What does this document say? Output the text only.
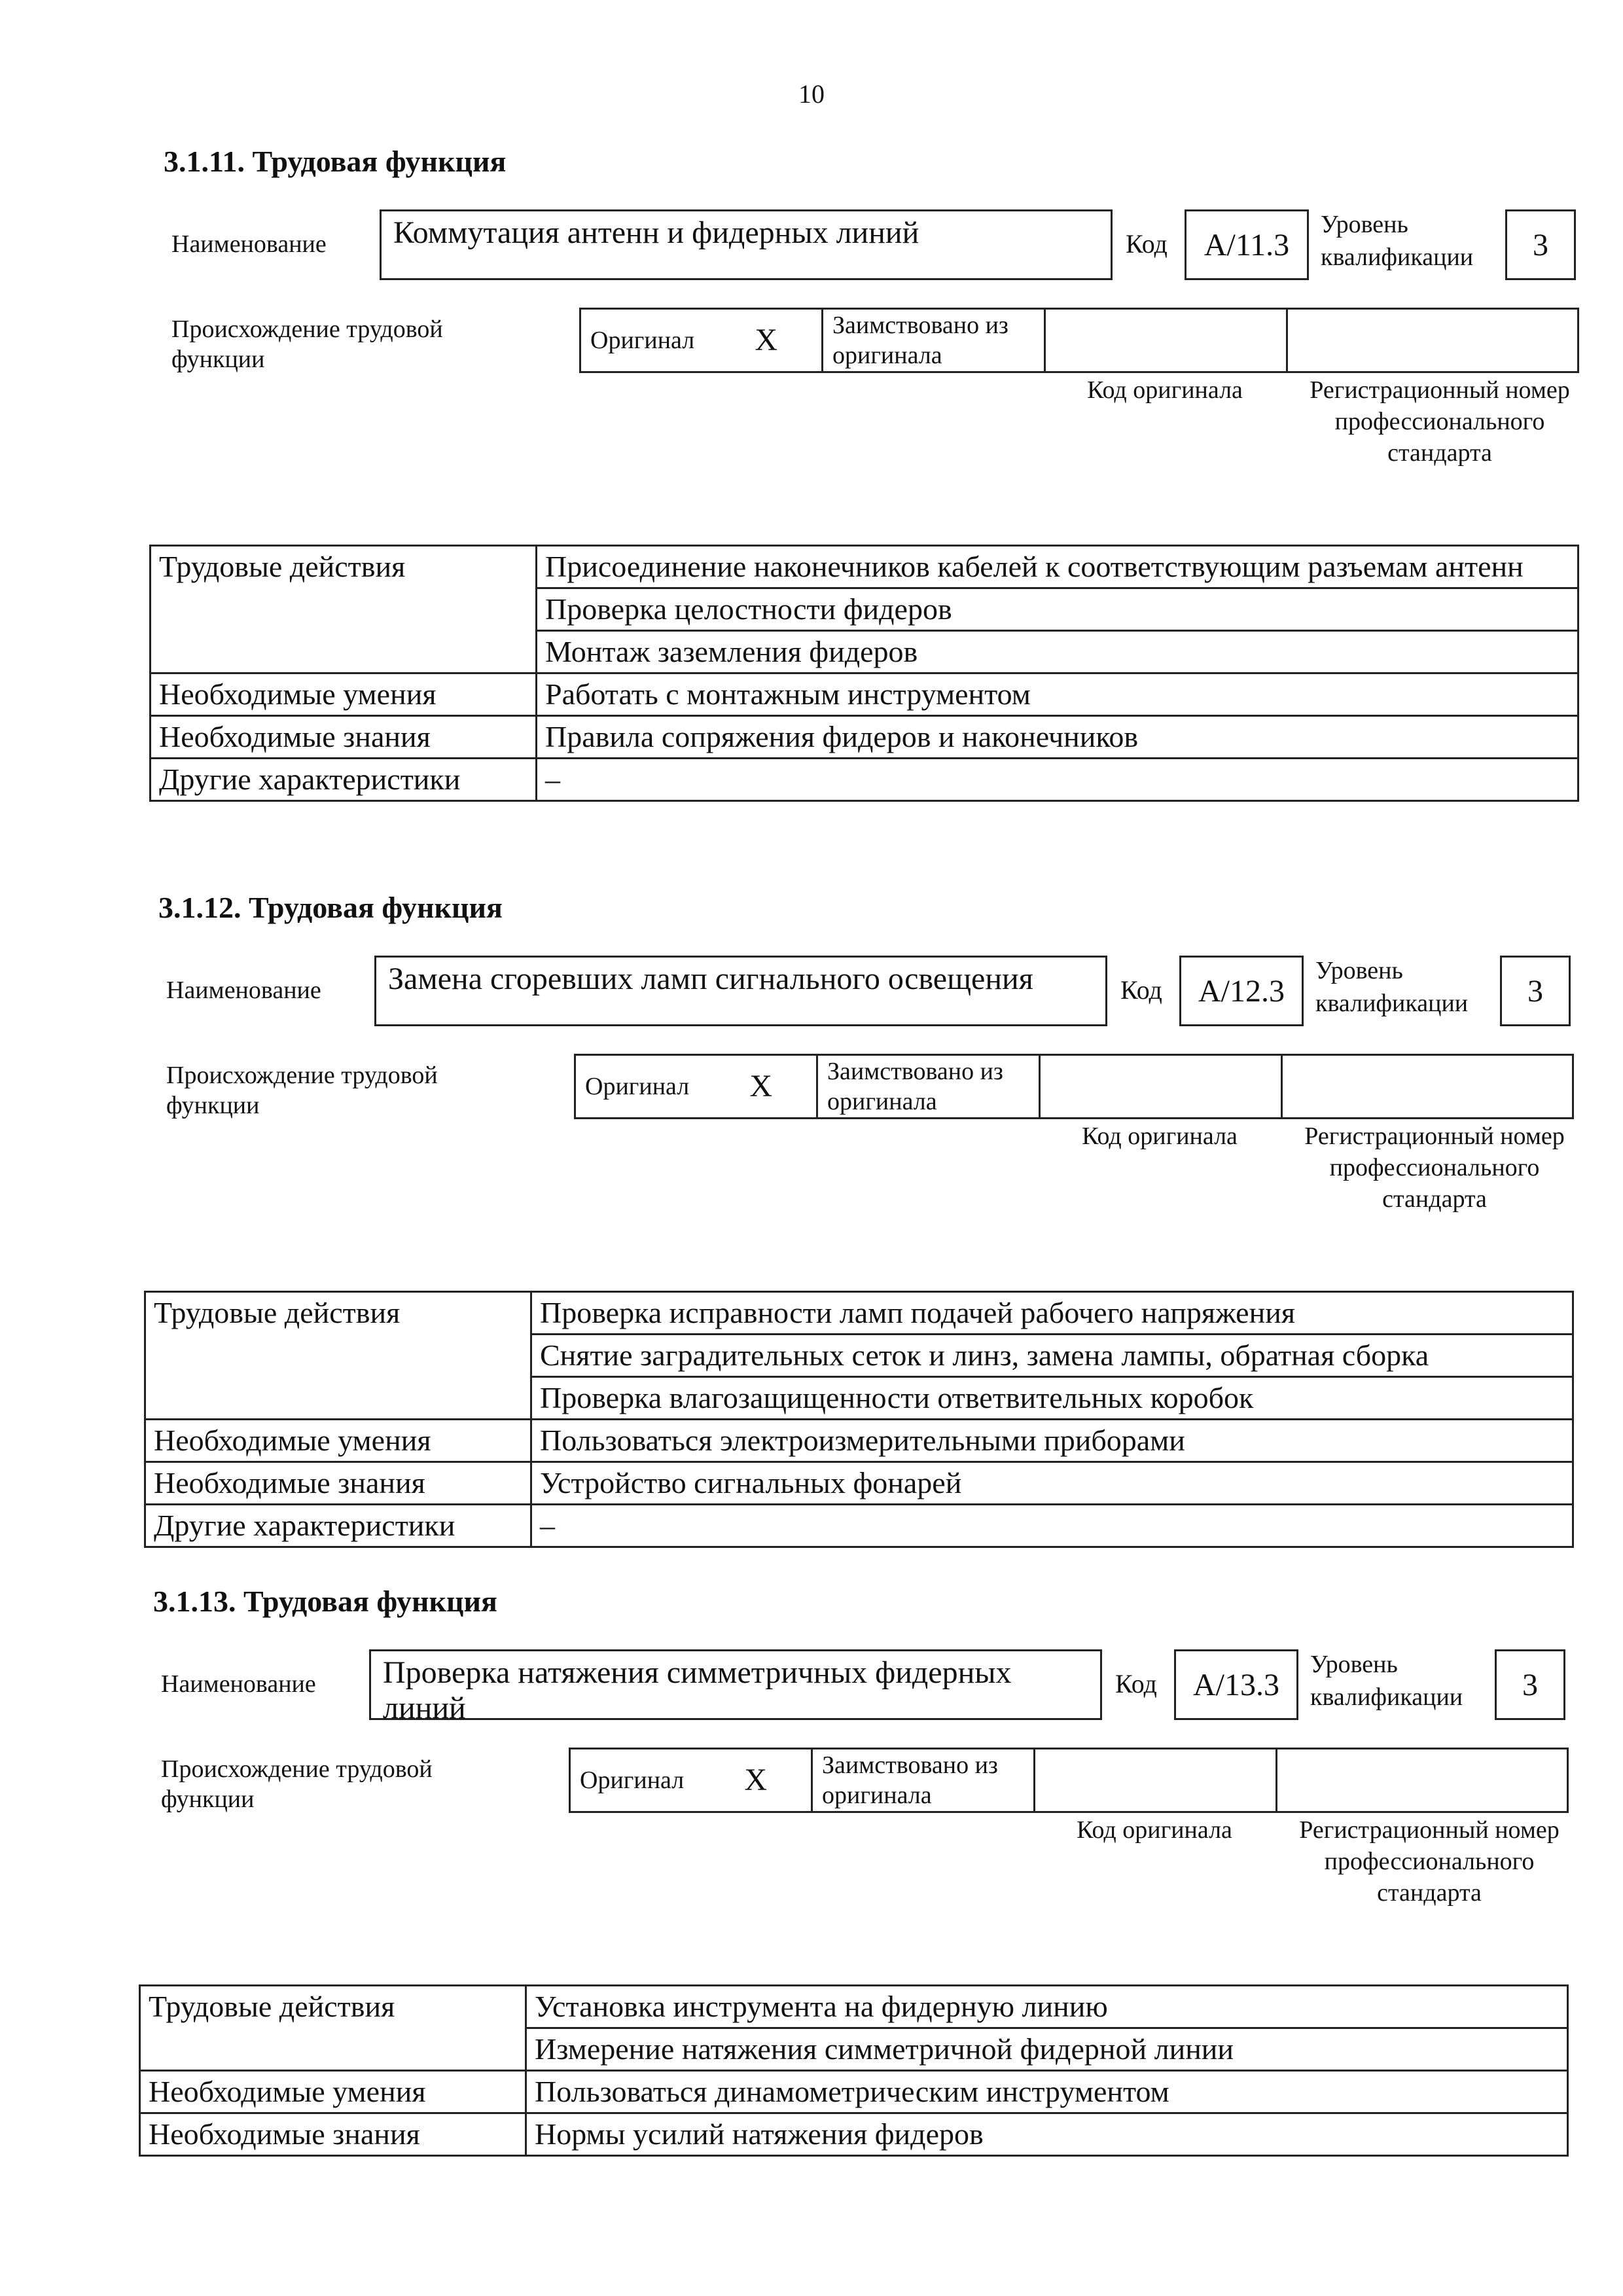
10
3.1.11. Трудовая функция
Наименование	Коммутация антенн и фидерных линий	Код	A/11.3
Уровень квалификации	3
Происхождение трудовой функции
Оригинал	X	Заимствовано из оригинала		
Код оригинала	Регистрационный номер профессионального стандарта
Трудовые действия	Присоединение наконечников кабелей к соответствующим разъемам антенн
	Проверка целостности фидеров
	Монтаж заземления фидеров
Необходимые умения	Работать с монтажным инструментом
Необходимые знания	Правила сопряжения фидеров и наконечников
Другие характеристики	–
3.1.12. Трудовая функция
Наименование	Замена сгоревших ламп сигнального освещения	Код	A/12.3
Уровень квалификации	3
Происхождение трудовой функции
Оригинал	X	Заимствовано из оригинала		
Код оригинала	Регистрационный номер профессионального стандарта
Трудовые действия	Проверка исправности ламп подачей рабочего напряжения
	Снятие заградительных сеток и линз, замена лампы, обратная сборка
	Проверка влагозащищенности ответвительных коробок
Необходимые умения	Пользоваться электроизмерительными приборами
Необходимые знания	Устройство сигнальных фонарей
Другие характеристики	–
3.1.13. Трудовая функция
Наименование	Проверка натяжения симметричных фидерных линий
Код	A/13.3
Уровень квалификации	3
Происхождение трудовой функции
Оригинал	X	Заимствовано из оригинала		
Код оригинала	Регистрационный номер профессионального стандарта
Трудовые действия	Установка инструмента на фидерную линию
	Измерение натяжения симметричной фидерной линии
Необходимые умения	Пользоваться динамометрическим инструментом
Необходимые знания	Нормы усилий натяжения фидеров
